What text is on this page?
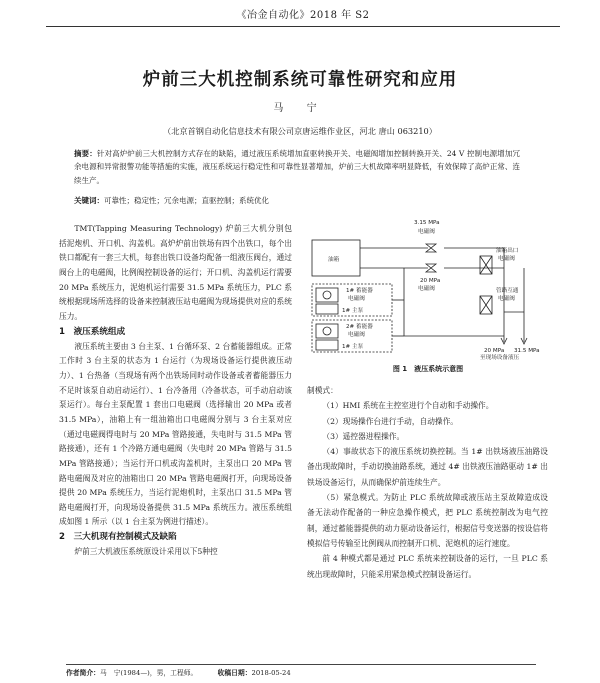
《冶金自动化》2018 年 S2
炉前三大机控制系统可靠性研究和应用
马 宁
（北京首钢自动化信息技术有限公司京唐运维作业区，河北 唐山 063210）
摘要：针对高炉炉前三大机控制方式存在的缺陷，通过液压系统增加直驱转换开关、电磁阀增加控制转换开关、24 V 控制电源增加冗余电源和异常报警功能等措施的实施，液压系统运行稳定性和可靠性显著增加，炉前三大机故障率明显降低，有效保障了高炉正常、连续生产。
关键词：可靠性；稳定性；冗余电源；直驱控制；系统优化

TMT(Tapping Measuring Technology) 炉前三大机分别包括泥炮机、开口机、沟盖机。高炉炉前出铁场有四个出铁口，每个出铁口都配有一套三大机，每套出铁口设备均配备一组液压阀台，通过阀台上的电磁阀，比例阀控制设备的运行；开口机、沟盖机运行需要 20 MPa 系统压力，泥炮机运行需要 31.5 MPa 系统压力，PLC 系统根据现场所选择的设备来控制液压站电磁阀为现场提供对应的系统压力。

1　液压系统组成

液压系统主要由 3 台主泵、1 台循环泵、2 台蓄能器组成。正常工作时 3 台主泵的状态为 1 台运行（为现场设备运行提供液压动力）、1 台热备（当现场有两个出铁场同时动作设备或者蓄能器压力不足时该泵自动启动运行）、1 台冷备用（冷备状态，可手动启动该泵运行）。每台主泵配置 1 套出口电磁阀（选择输出 20 MPa 或者 31.5 MPa），油箱上有一组油箱出口电磁阀分别与 3 台主泵对应（通过电磁阀得电时与 20 MPa 管路接通，失电时与 31.5 MPa 管路接通），还有 1 个冷路方通电磁阀（失电时 20 MPa 管路与 31.5 MPa 管路接通）；当运行开口机或沟盖机时，主泵出口 20 MPa 管路电磁阀及对应的油箱出口 20 MPa 管路电磁阀打开，向现场设备提供 20 MPa 系统压力，当运行泥炮机时，主泵出口 31.5 MPa 管路电磁阀打开，向现场设备提供 31.5 MPa 系统压力。液压系统组成如图 1 所示（以 1 台主泵为例进行描述）。

2　三大机现有控制模式及缺陷

炉前三大机液压系统原设计采用以下5种控

油箱
3.15 MPa
电磁阀
20 MPa
电磁阀
1# 蓄能器
电磁阀
1# 主泵
2# 蓄能器
电磁阀
1# 主泵
油箱出口
电磁阀
管路互通
电磁阀
20 MPa 31.5 MPa
至现场设备液压
图 1　液压系统示意图

制模式：

（1）HMI 系统在主控室进行个自动和手动操作。

（2）现场操作台进行手动，自动操作。

（3）遥控器进程操作。

（4）事故状态下的液压系统切换控制。当 1# 出铁场液压油路设备出现故障时，手动切换油路系统，通过 4# 出铁液压油路驱动 1# 出铁场设备运行，从而确保炉前连续生产。

（5）紧急模式。为防止 PLC 系统故障或液压站主泵故障造成设备无法动作配备的一种应急操作模式，把 PLC 系统控制改为电气控制，通过蓄能器提供的动力驱动设备运行，根据信号变送器的按设信将模拟信号传输至比例阀从而控制开口机、泥炮机的运行速度。

前 4 种模式都是通过 PLC 系统来控制设备的运行，一旦 PLC 系统出现故障时，只能采用紧急模式控制设备运行。

作者简介：马　宁(1984—)，男，工程师。	收稿日期：2018-05-24
